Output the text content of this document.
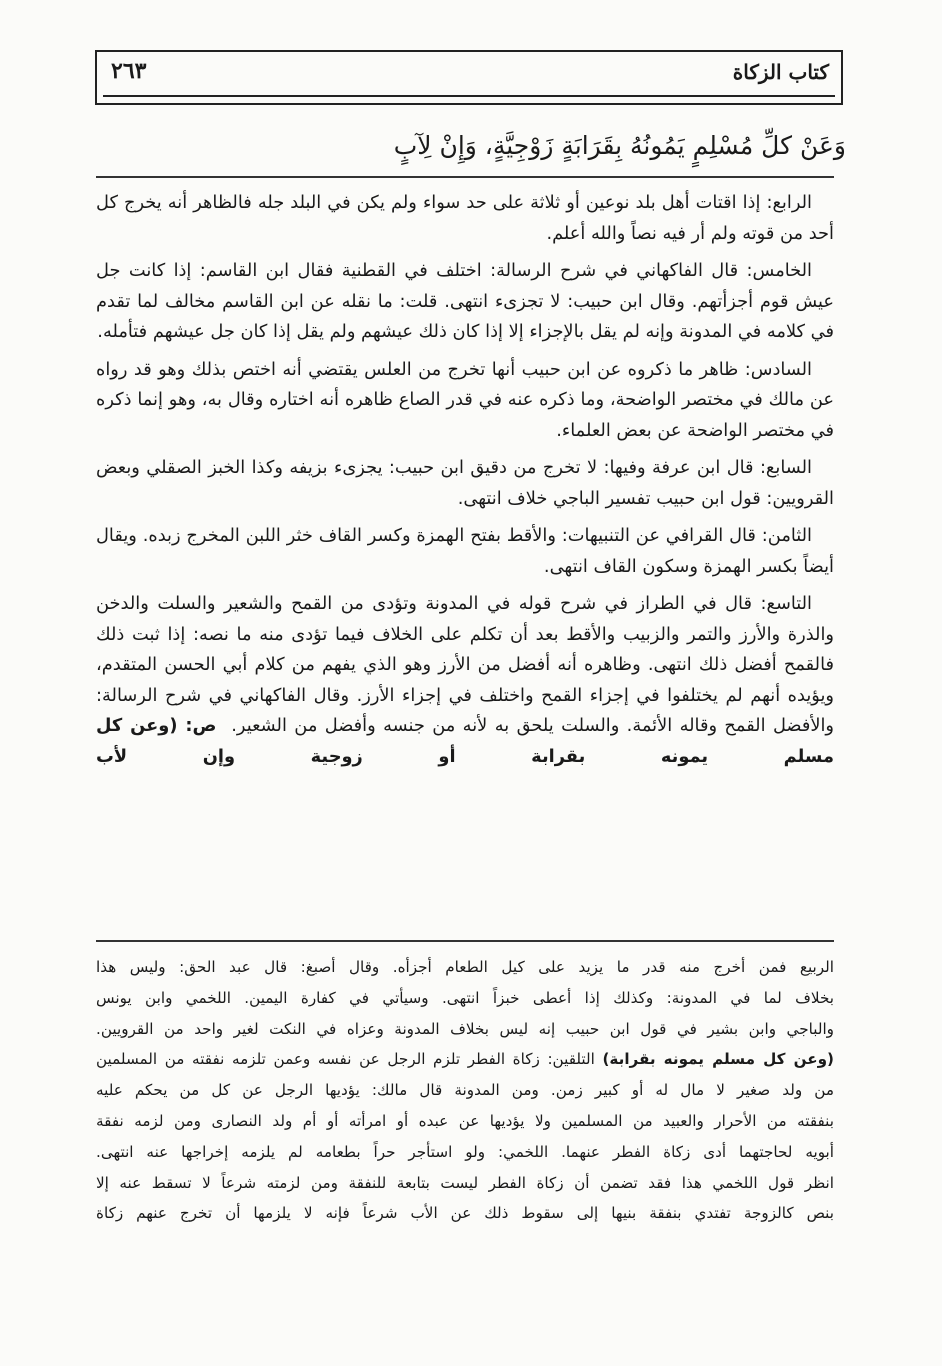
كتاب الزكاة
٢٦٣
وَعَنْ كلِّ مُسْلِمٍ يَمُونُهُ بِقَرَابَةٍ زَوْجِيَّةٍ، وَإِنْ لِآبٍ

الرابع: إذا اقتات أهل بلد نوعين أو ثلاثة على حد سواء ولم يكن في البلد جله فالظاهر أنه يخرج كل أحد من قوته ولم أر فيه نصاً والله أعلم.

الخامس: قال الفاكهاني في شرح الرسالة: اختلف في القطنية فقال ابن القاسم: إذا كانت جل عيش قوم أجزأتهم. وقال ابن حبيب: لا تجزىء انتهى. قلت: ما نقله عن ابن القاسم مخالف لما تقدم في كلامه في المدونة وإنه لم يقل بالإجزاء إلا إذا كان ذلك عيشهم ولم يقل إذا كان جل عيشهم فتأمله.

السادس: ظاهر ما ذكروه عن ابن حبيب أنها تخرج من العلس يقتضي أنه اختص بذلك وهو قد رواه عن مالك في مختصر الواضحة، وما ذكره عنه في قدر الصاع ظاهره أنه اختاره وقال به، وهو إنما ذكره في مختصر الواضحة عن بعض العلماء.

السابع: قال ابن عرفة وفيها: لا تخرج من دقيق ابن حبيب: يجزىء بزيفه وكذا الخبز الصقلي وبعض القرويين: قول ابن حبيب تفسير الباجي خلاف انتهى.

الثامن: قال القرافي عن التنبيهات: والأقط بفتح الهمزة وكسر القاف خثر اللبن المخرج زبده. ويقال أيضاً بكسر الهمزة وسكون القاف انتهى.

التاسع: قال في الطراز في شرح قوله في المدونة وتؤدى من القمح والشعير والسلت والدخن والذرة والأرز والتمر والزبيب والأقط بعد أن تكلم على الخلاف فيما تؤدى منه ما نصه: إذا ثبت ذلك فالقمح أفضل ذلك انتهى. وظاهره أنه أفضل من الأرز وهو الذي يفهم من كلام أبي الحسن المتقدم، ويؤيده أنهم لم يختلفوا في إجزاء القمح واختلف في إجزاء الأرز. وقال الفاكهاني في شرح الرسالة: والأفضل القمح وقاله الأئمة. والسلت يلحق به لأنه من جنسه وأفضل من الشعير.  ص: (وعن كل مسلم يمونه بقرابة أو زوجية وإن لأب

الربيع فمن أخرج منه قدر ما يزيد على كيل الطعام أجزأه. وقال أصبغ: قال عبد الحق: وليس هذا
بخلاف لما في المدونة: وكذلك إذا أعطى خبزاً انتهى. وسيأتي في كفارة اليمين. اللخمي وابن يونس
والباجي وابن بشير في قول ابن حبيب إنه ليس بخلاف المدونة وعزاه في النكت لغير واحد من القرويين.
(وعن كل مسلم يمونه بقرابة) التلقين: زكاة الفطر تلزم الرجل عن نفسه وعمن تلزمه نفقته من المسلمين
من ولد صغير لا مال له أو كبير زمن. ومن المدونة قال مالك: يؤديها الرجل عن كل من يحكم عليه
بنفقته من الأحرار والعبيد من المسلمين ولا يؤديها عن عبده أو امرأته أو أم ولد النصارى ومن لزمه نفقة
أبويه لحاجتهما أدى زكاة الفطر عنهما. اللخمي: ولو استأجر حراً بطعامه لم يلزمه إخراجها عنه انتهى.
انظر قول اللخمي هذا فقد تضمن أن زكاة الفطر ليست بتابعة للنفقة ومن لزمته شرعاً لا تسقط عنه إلا
بنص كالزوجة تفتدي بنفقة بنيها إلى سقوط ذلك عن الأب شرعاً فإنه لا يلزمها أن تخرج عنهم زكاة
